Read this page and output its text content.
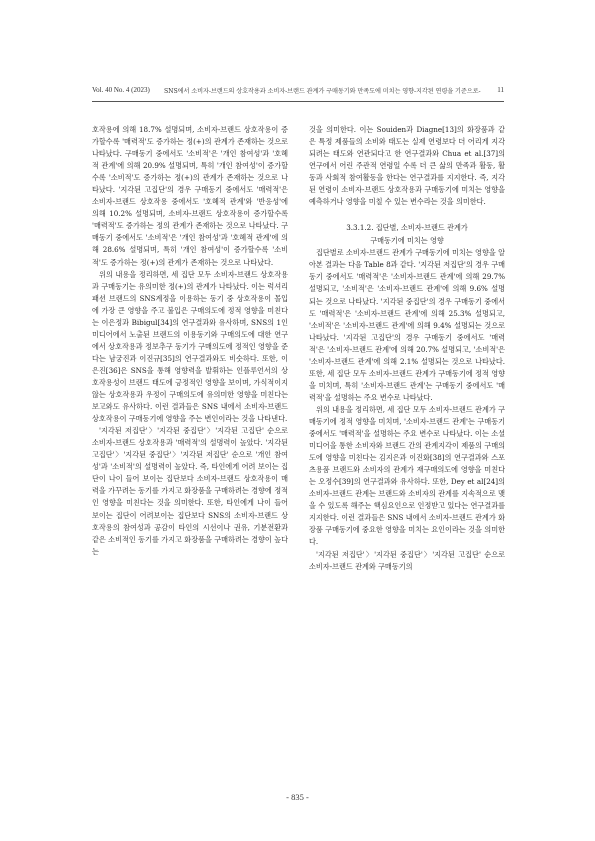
Vol. 40 No. 4 (2023) SNS에서 소비자-브랜드의 상호작용과 소비자-브랜드 관계가 구매동기와 만족도에 미치는 영향-지각된 연령을 기준으로- 11

호작용에 의해 18.7% 설명되며, 소비자-브랜드 상호작용이 증가할수록 '매력적'도 증가하는 정(+)의 관계가 존재하는 것으로 나타났다. 구매동기 중에서도 '소비적'은 '개인 참여성'과 '호혜적 관계'에 의해 20.9% 설명되며, 특히 '개인 참여성'이 증가할수록 '소비적'도 증가하는 정(+)의 관계가 존재하는 것으로 나타났다. '지각된 고집단'의 경우 구매동기 중에서도 '매력적'은 소비자-브랜드 상호작용 중에서도 '호혜적 관계'와 '반응성'에 의해 10.2% 설명되며, 소비자-브랜드 상호작용이 증가할수록 '매력적'도 증가하는 정의 관계가 존재하는 것으로 나타났다. 구매동기 중에서도 '소비적'은 '개인 참여성'과 '호혜적 관계'에 의해 28.6% 설명되며, 특히 '개인 참여성'이 증가할수록 '소비적'도 증가하는 정(+)의 관계가 존재하는 것으로 나타났다.

위의 내용을 정리하면, 세 집단 모두 소비자-브랜드 상호작용과 구매동기는 유의미한 정(+)의 관계가 나타났다. 이는 럭셔리 패션 브랜드의 SNS계정을 이용하는 동기 중 상호작용이 몰입에 가장 큰 영향을 주고 불입은 구매의도에 정적 영향을 미친다는 이은정과 Bibigul[34]의 연구결과와 유사하며, SNS의 1인 미디어에서 노출된 브랜드의 이용동기와 구매의도에 대한 연구에서 상호작용과 정보추구 동기가 구매의도에 정적인 영향을 준다는 남궁진과 이진규[35]의 연구결과와도 비슷하다. 또한, 이은진[36]은 SNS을 통해 영향력을 발휘하는 인플루언서의 상호작용성이 브랜드 태도에 긍정적인 영향을 보이며, 가식적이지 않는 상호작용과 우정이 구매의도에 유의미한 영향을 미친다는 보고와도 유사하다. 이런 결과들은 SNS 내에서 소비자-브랜드 상호작용이 구매동기에 영향을 주는 변인이라는 것을 나타낸다.

'지각된 저집단'〉'지각된 중집단'〉'지각된 고집단' 순으로 소비자-브랜드 상호작용과 '매력적'의 설명력이 높았다. '지각된 고집단'〉'지각된 중집단'〉'지각된 저집단' 순으로 '개인 참여성'과 '소비적'의 설명력이 높았다. 즉, 타인에게 어려 보이는 집단이 나이 들어 보이는 집단보다 소비자-브랜드 상호작용이 매력을 가꾸려는 동기를 가지고 화장품을 구매하려는 경향에 정적인 영향을 미친다는 것을 의미한다. 또한, 타인에게 나이 들어 보이는 집단이 어려보이는 집단보다 SNS의 소비자-브랜드 상호작용의 참여성과 공감이 타인의 시선이나 권유, 기분전환과 같은 소비적인 동기를 가지고 화장품을 구매하려는 경향이 높다는

것을 의미한다. 이는 Souiden과 Diagne[13]의 화장품과 같은 특정 제품들의 소비와 태도는 실제 연령보다 더 어리게 지각되려는 태도와 연관되다고 한 연구결과와 Chua et al.[37]의 연구에서 어린 주관적 연령일 수록 더 큰 삶의 만족과 활동, 활동과 사회적 참여활동을 한다는 연구결과를 지지한다. 즉, 지각된 연령이 소비자-브랜드 상호작용과 구매동기에 미치는 영향을 예측하거나 영향을 미칠 수 있는 변수라는 것을 의미한다.

3.3.1.2. 집단별, 소비자-브랜드 관계가
구매동기에 미치는 영향

집단별로 소비자-브랜드 관계가 구매동기에 미치는 영향을 알아본 결과는 다음 Table 8과 같다. '지각된 저집단'의 경우 구매동기 중에서도 '매력적'은 '소비자-브랜드 관계'에 의해 29.7% 설명되고, '소비적'은 '소비자-브랜드 관계'에 의해 9.6% 설명되는 것으로 나타났다. '지각된 중집단'의 경우 구매동기 중에서도 '매력적'은 '소비자-브랜드 관계'에 의해 25.3% 설명되고, '소비적'은 '소비자-브랜드 관계'에 의해 9.4% 설명되는 것으로 나타났다. '지각된 고집단'의 경우 구매동기 중에서도 '매력적'은 '소비자-브랜드 관계'에 의해 20.7% 설명되고, '소비적'은 '소비자-브랜드 관계'에 의해 2.1% 설명되는 것으로 나타났다. 또한, 세 집단 모두 소비자-브랜드 관계가 구매동기에 정적 영향을 미치며, 특히 '소비자-브랜드 관계'는 구매동기 중에서도 '매력적'을 설명하는 주요 변수로 나타났다.

위의 내용을 정리하면, 세 집단 모두 소비자-브랜드 관계가 구매동기에 정적 영향을 미치며, '소비자-브랜드 관계'는 구매동기 중에서도 '매력적'을 설명하는 주요 변수로 나타났다. 이는 소셜미디어을 통한 소비자와 브랜드 간의 관계지각이 제품의 구매의도에 영향을 미친다는 김지은과 이진화[38]의 연구결과와 스포츠용품 브랜드와 소비자의 관계가 재구매의도에 영향을 미친다는 오정수[39]의 연구결과와 유사하다. 또한, Dey et al[24]의 소비자-브랜드 관계는 브랜드와 소비자의 관계를 지속적으로 맺을 수 있도록 해주는 핵심요인으로 인정받고 있다는 연구결과를 지지한다. 이런 결과들은 SNS 내에서 소비자-브랜드 관계가 화장품 구매동기에 중요한 영향을 미치는 요인이라는 것을 의미한다.

'지각된 저집단'〉'지각된 중집단'〉'지각된 고집단' 순으로 소비자-브랜드 관계와 구매동기의

- 835 -
